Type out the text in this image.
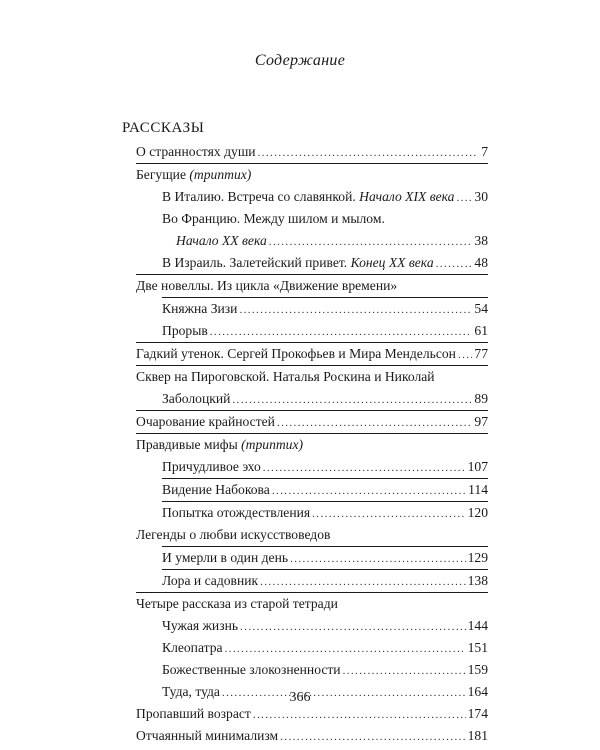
Содержание
РАССКАЗЫ
О странностях души .....	7
Бегущие (триптих)
В Италию. Встреча со славянкой. Начало XIX века ..... 30
Во Францию. Между шилом и мылом.
Начало ХХ века .....	38
В Израиль. Залетейский привет. Конец ХХ века .....	48
Две новеллы. Из цикла «Движение времени»
Княжна Зизи .....	54
Прорыв .....	61
Гадкий утенок. Сергей Прокофьев и Мира Мендельсон ..... 77
Сквер на Пироговской. Наталья Роскина и Николай
Заболоцкий .....	89
Очарование крайностей .....	97
Правдивые мифы (триптих)
Причудливое эхо .....	107
Видение Набокова .....	114
Попытка отождествления .....	120
Легенды о любви искусствоведов
И умерли в один день .....	129
Лора и садовник .....	138
Четыре рассказа из старой тетради
Чужая жизнь .....	144
Клеопатра .....	151
Божественные злокозненности .....	159
Туда, туда .....	164
Пропавший возраст .....	174
Отчаянный минимализм .....	181
366
